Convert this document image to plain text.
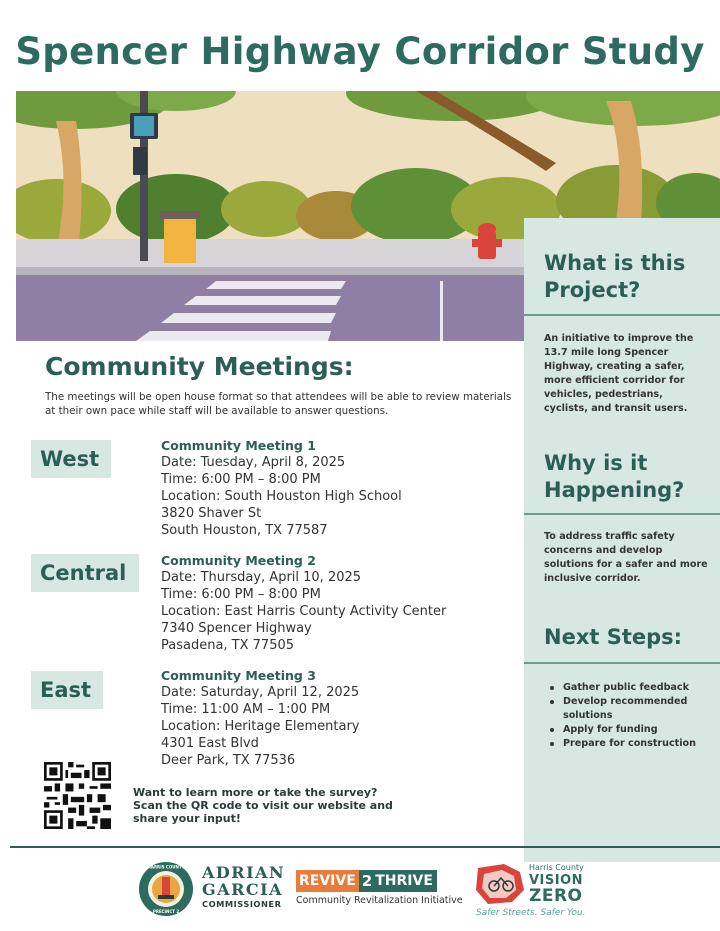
Spencer Highway Corridor Study
What is this
Project?
An initiative to improve the 13.7 mile long Spencer Highway, creating a safer, more efficient corridor for vehicles, pedestrians, cyclists, and transit users.
Why is it
Happening?
To address traffic safety concerns and develop solutions for a safer and more inclusive corridor.
Next Steps:
Gather public feedback
Develop recommended solutions
Apply for funding
Prepare for construction
Community Meetings:
The meetings will be open house format so that attendees will be able to review materials at their own pace while staff will be available to answer questions.
West
Community Meeting 1
Date: Tuesday, April 8, 2025
Time: 6:00 PM – 8:00 PM
Location: South Houston High School
3820 Shaver St
South Houston, TX 77587
Central
Community Meeting 2
Date: Thursday, April 10, 2025
Time: 6:00 PM – 8:00 PM
Location: East Harris County Activity Center
7340 Spencer Highway
Pasadena, TX 77505
East
Community Meeting 3
Date: Saturday, April 12, 2025
Time: 11:00 AM – 1:00 PM
Location: Heritage Elementary
4301 East Blvd
Deer Park, TX 77536
Want to learn more or take the survey?
Scan the QR code to visit our website and share your input!
PRECINCT 2
HARRIS COUNTY ADRIAN
GARCIA
COMMISSIONER
REVIVE 2 THRIVE
Community Revitalization Initiative
Harris County
VISION
ZERO
Safer Streets. Safer You.
